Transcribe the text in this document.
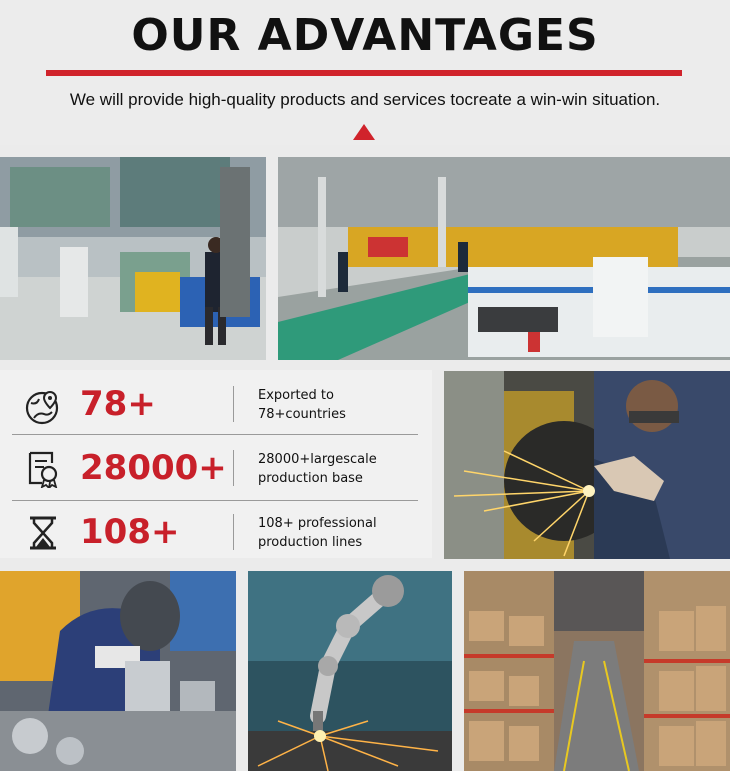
OUR ADVANTAGES
We will provide high-quality products and services tocreate a win-win situation.
78+	Exported to
78+countries
28000+ 28000+largescale
production base
108+	108+ professional
production lines
